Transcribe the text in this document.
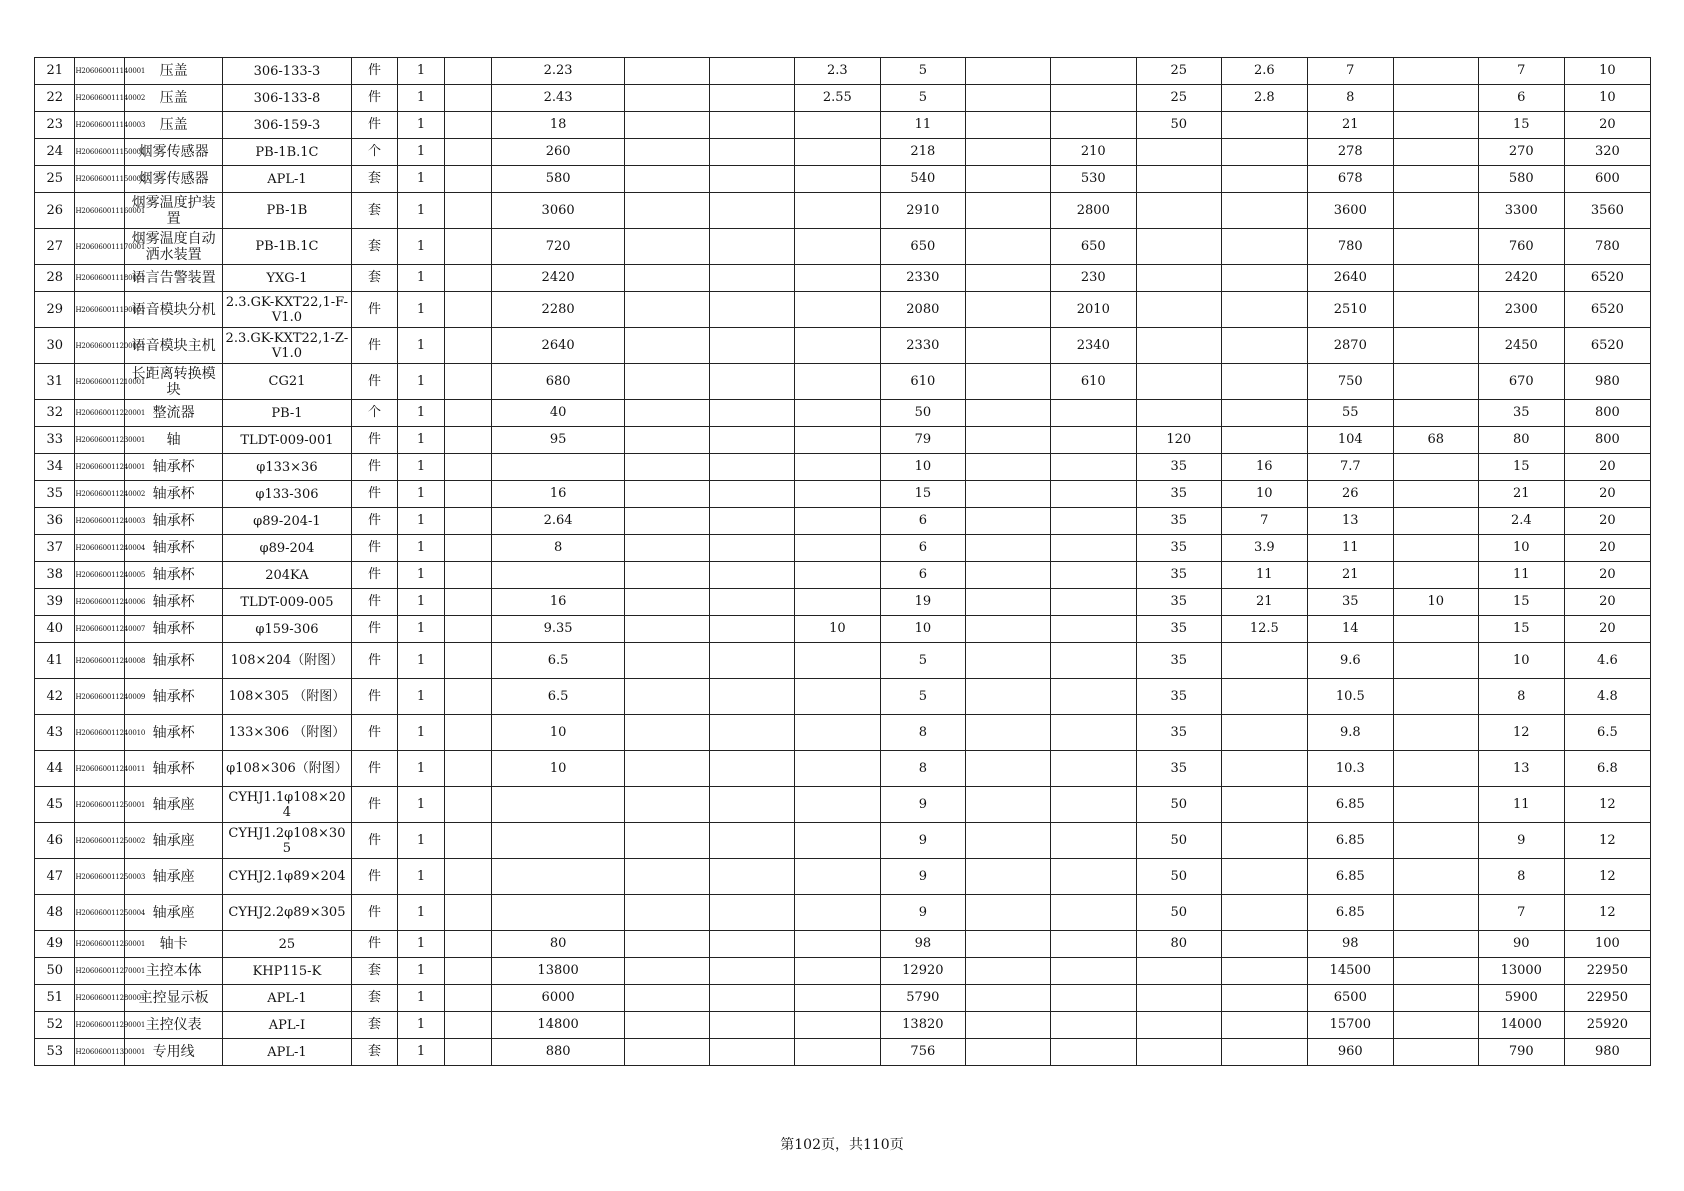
21	H206060011140001	压盖	306-133-3	件	1		2.23			2.3	5			25	2.6	7		7	10
22	H206060011140002	压盖	306-133-8	件	1		2.43			2.55	5			25	2.8	8		6	10
23	H206060011140003	压盖	306-159-3	件	1		18				11			50		21		15	20
24	H206060011150001	烟雾传感器	PB-1B.1C	个	1		260				218		210			278		270	320
25	H206060011150002	烟雾传感器	APL-1	套	1		580				540		530			678		580	600
26	H206060011160001	烟雾温度护装置	PB-1B	套	1		3060				2910		2800			3600		3300	3560
27	H206060011170001	烟雾温度自动洒水装置	PB-1B.1C	套	1		720				650		650			780		760	780
28	H206060011180001	语言告警装置	YXG-1	套	1		2420				2330		230			2640		2420	6520
29	H206060011190001	语音模块分机	2.3.GK-KXT22,1-F-V1.0	件	1		2280				2080		2010			2510		2300	6520
30	H206060011200001	语音模块主机	2.3.GK-KXT22,1-Z-V1.0	件	1		2640				2330		2340			2870		2450	6520
31	H206060011210001	长距离转换模块	CG21	件	1		680				610		610			750		670	980
32	H206060011220001	整流器	PB-1	个	1		40				50					55		35	800
33	H206060011230001	轴	TLDT-009-001	件	1		95				79			120		104	68	80	800
34	H206060011240001	轴承杯	φ133×36	件	1						10			35	16	7.7		15	20
35	H206060011240002	轴承杯	φ133-306	件	1		16				15			35	10	26		21	20
36	H206060011240003	轴承杯	φ89-204-1	件	1		2.64				6			35	7	13		2.4	20
37	H206060011240004	轴承杯	φ89-204	件	1		8				6			35	3.9	11		10	20
38	H206060011240005	轴承杯	204KA	件	1						6			35	11	21		11	20
39	H206060011240006	轴承杯	TLDT-009-005	件	1		16				19			35	21	35	10	15	20
40	H206060011240007	轴承杯	φ159-306	件	1		9.35			10	10			35	12.5	14		15	20
41	H206060011240008	轴承杯	108×204（附图）	件	1		6.5				5			35		9.6		10	4.6
42	H206060011240009	轴承杯	108×305 （附图）	件	1		6.5				5			35		10.5		8	4.8
43	H206060011240010	轴承杯	133×306 （附图）	件	1		10				8			35		9.8		12	6.5
44	H206060011240011	轴承杯	φ108×306（附图）	件	1		10				8			35		10.3		13	6.8
45	H206060011250001	轴承座	CYHJ1.1φ108×204	件	1						9			50		6.85		11	12
46	H206060011250002	轴承座	CYHJ1.2φ108×305	件	1						9			50		6.85		9	12
47	H206060011250003	轴承座	CYHJ2.1φ89×204	件	1						9			50		6.85		8	12
48	H206060011250004	轴承座	CYHJ2.2φ89×305	件	1						9			50		6.85		7	12
49	H206060011260001	轴卡	25	件	1		80				98			80		98		90	100
50	H206060011270001	主控本体	KHP115-K	套	1		13800				12920					14500		13000	22950
51	H206060011280001	主控显示板	APL-1	套	1		6000				5790					6500		5900	22950
52	H206060011290001	主控仪表	APL-Ⅰ	套	1		14800				13820					15700		14000	25920
53	H206060011300001	专用线	APL-1	套	1		880				756					960		790	980
第102页，共110页
